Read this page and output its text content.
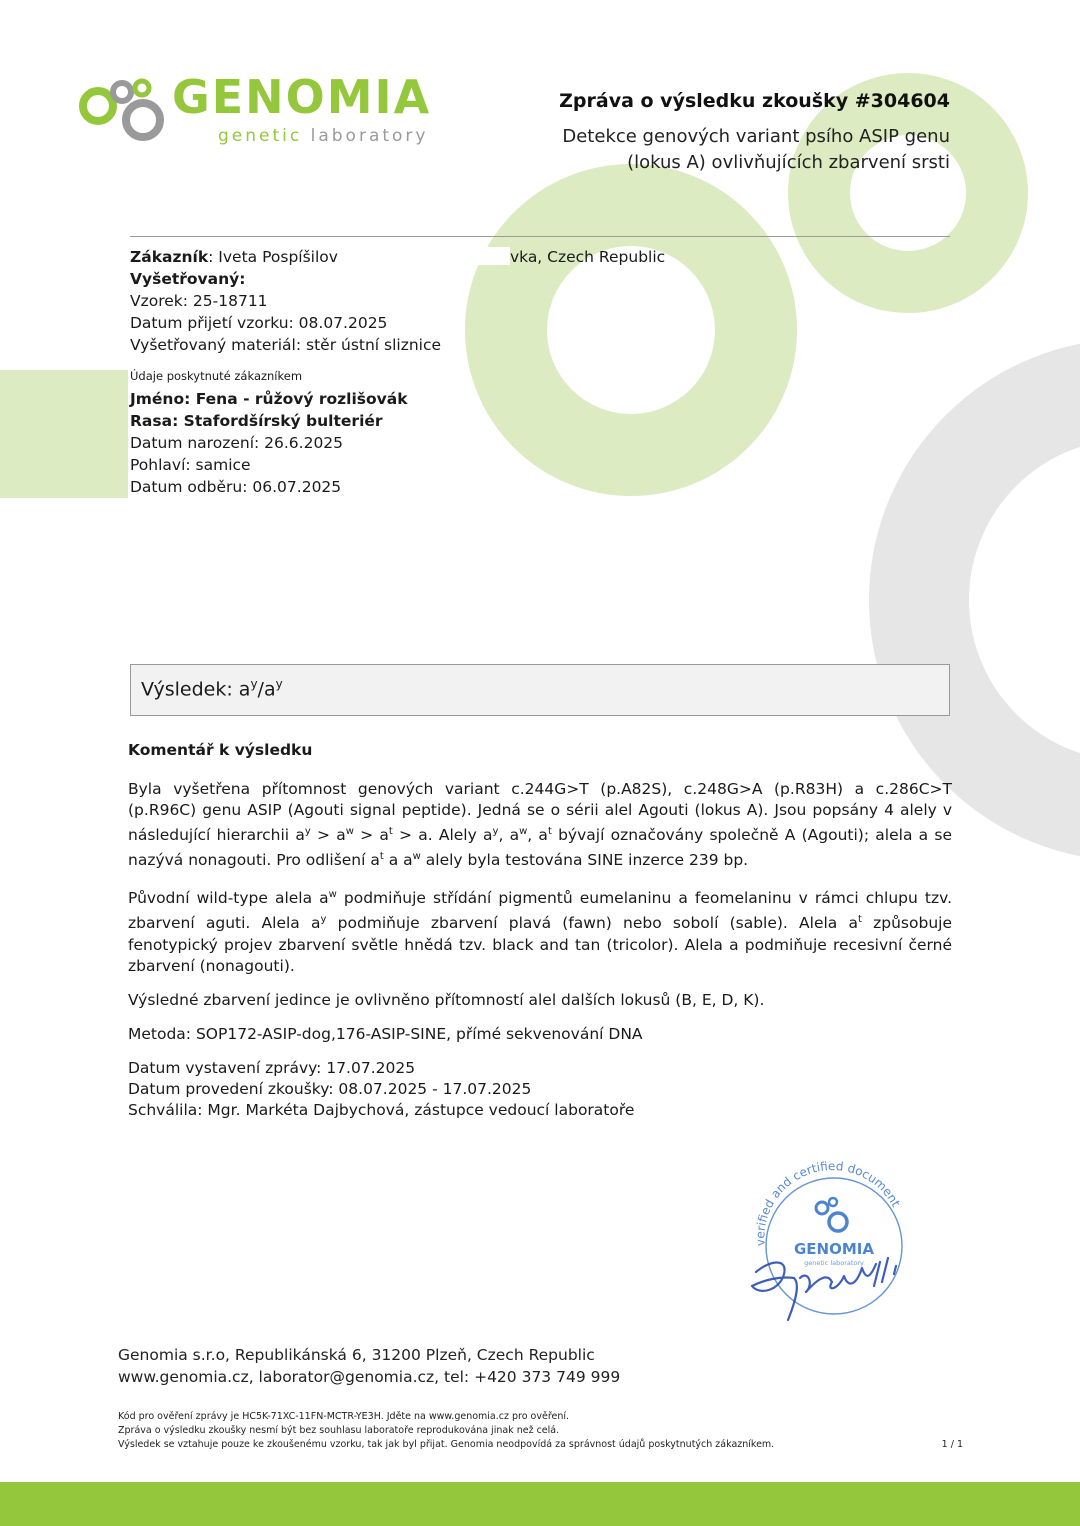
GENOMIA
genetic laboratory
Zpráva o výsledku zkoušky #304604
Detekce genových variant psího ASIP genu
(lokus A) ovlivňujících zbarvení srsti
Zákazník: Iveta Pospíšilov	vka, Czech Republic
Vyšetřovaný:
Vzorek: 25-18711
Datum přijetí vzorku: 08.07.2025
Vyšetřovaný materiál: stěr ústní sliznice
Údaje poskytnuté zákazníkem
Jméno: Fena - růžový rozlišovák
Rasa: Stafordšírský bulteriér
Datum narození: 26.6.2025
Pohlaví: samice
Datum odběru: 06.07.2025
Výsledek: $a^y/a^y$
Komentář k výsledku

Byla vyšetřena přítomnost genových variant c.244G>T (p.A82S), c.248G>A (p.R83H) a c.286C>T (p.R96C) genu ASIP (Agouti signal peptide). Jedná se o sérii alel Agouti (lokus A). Jsou popsány 4 alely v následující hierarchii $a^y > a^w > a^t > a$. Alely $a^y$, $a^w$, $a^t$ bývají označovány společně A (Agouti); alela a se nazývá nonagouti. Pro odlišení $a^t$ a $a^w$ alely byla testována SINE inzerce 239 bp.

Původní wild-type alela $a^w$ podmiňuje střídání pigmentů eumelaninu a feomelaninu v rámci chlupu tzv. zbarvení aguti. Alela $a^y$ podmiňuje zbarvení plavá (fawn) nebo sobolí (sable). Alela $a^t$ způsobuje fenotypický projev zbarvení světle hnědá tzv. black and tan (tricolor). Alela a podmiňuje recesivní černé zbarvení (nonagouti).

Výsledné zbarvení jedince je ovlivněno přítomností alel dalších lokusů (B, E, D, K).

Metoda: SOP172-ASIP-dog,176-ASIP-SINE, přímé sekvenování DNA

Datum vystavení zprávy: 17.07.2025
Datum provedení zkoušky: 08.07.2025 - 17.07.2025
Schválila: Mgr. Markéta Dajbychová, zástupce vedoucí laboratoře
verified and certified document
GENOMIA
genetic laboratory
Genomia s.r.o, Republikánská 6, 31200 Plzeň, Czech Republic
www.genomia.cz, laborator@genomia.cz, tel: +420 373 749 999
Kód pro ověření zprávy je HC5K-71XC-11FN-MCTR-YE3H. Jděte na www.genomia.cz pro ověření.
Zpráva o výsledku zkoušky nesmí být bez souhlasu laboratoře reprodukována jinak než celá.
Výsledek se vztahuje pouze ke zkoušenému vzorku, tak jak byl přijat. Genomia neodpovídá za správnost údajů poskytnutých zákazníkem.	1 / 1
